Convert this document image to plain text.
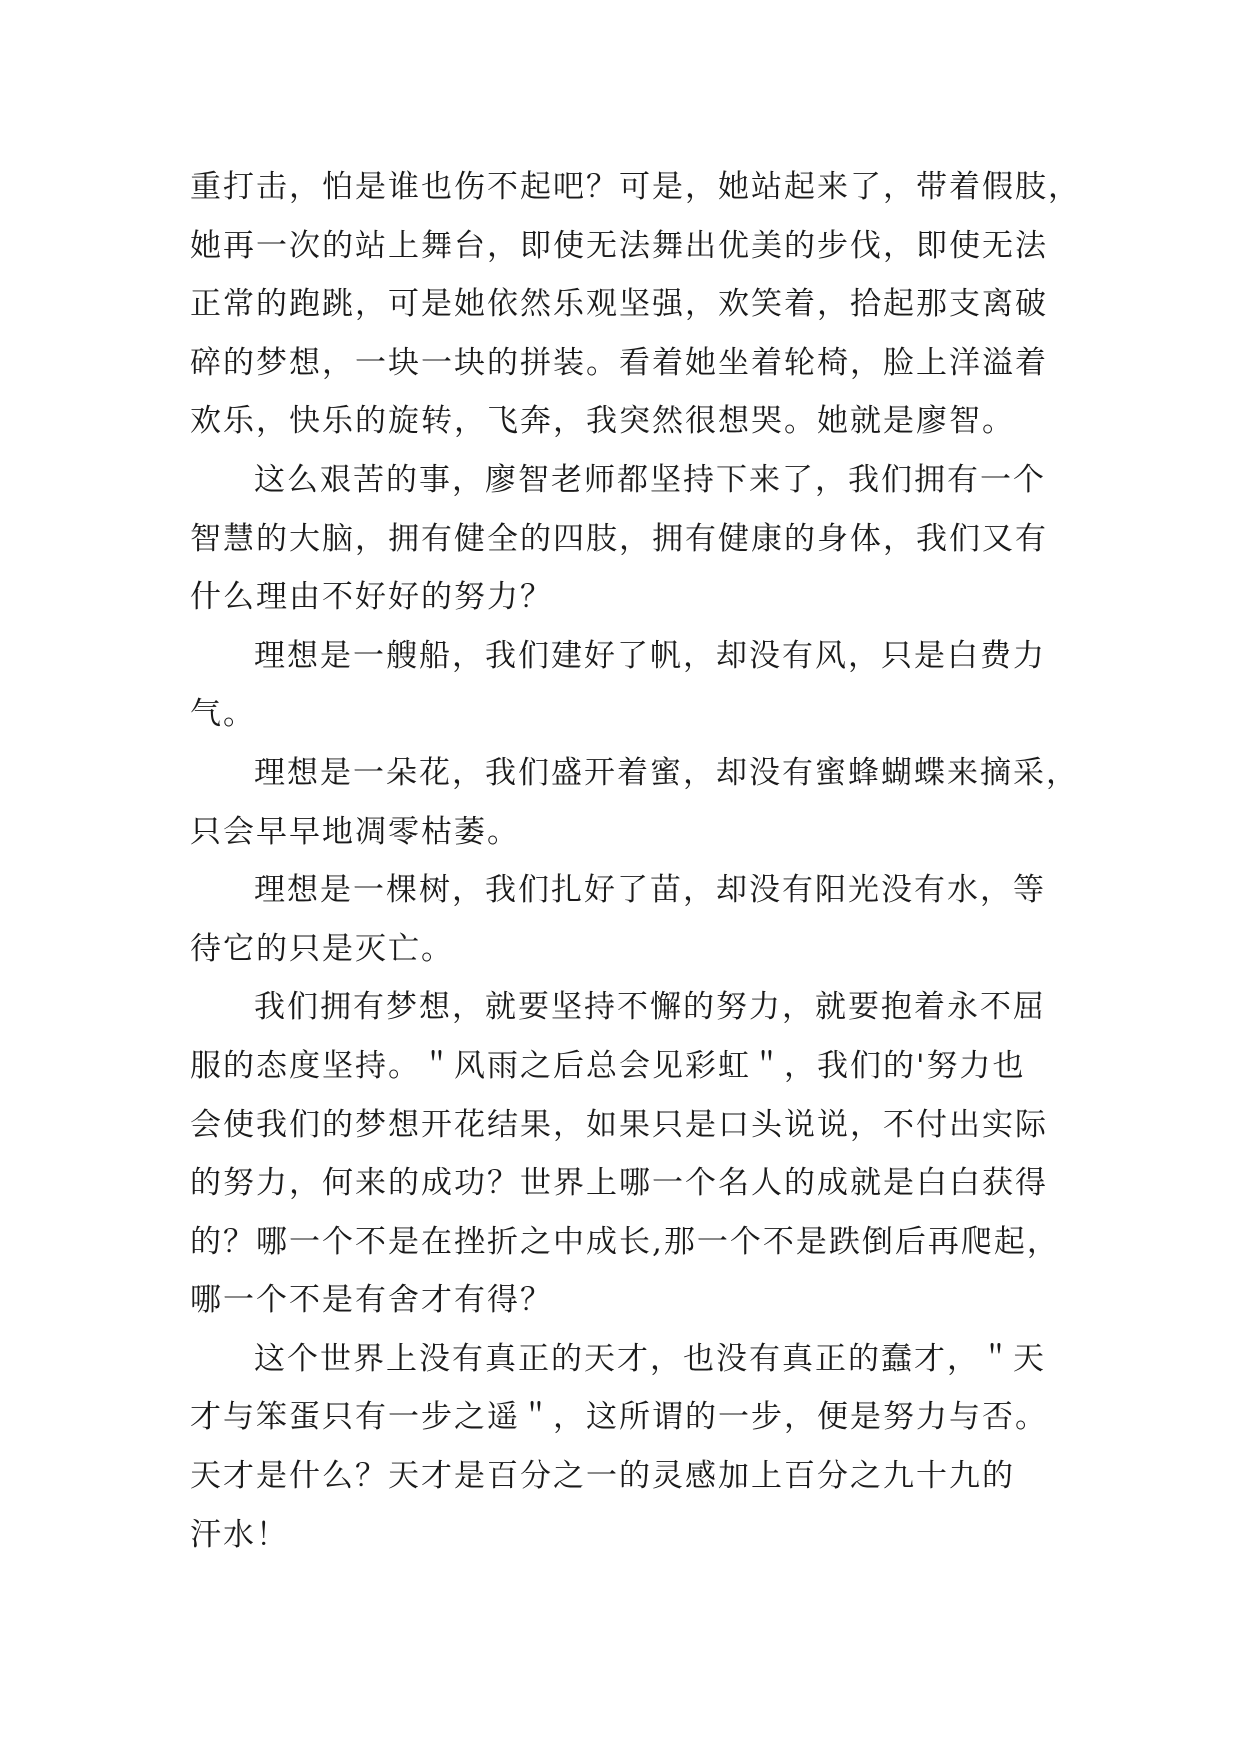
重打击，怕是谁也伤不起吧？可是，她站起来了，带着假肢，
她再一次的站上舞台，即使无法舞出优美的步伐，即使无法
正常的跑跳，可是她依然乐观坚强，欢笑着，拾起那支离破
碎的梦想，一块一块的拼装。看着她坐着轮椅，脸上洋溢着
欢乐，快乐的旋转，飞奔，我突然很想哭。她就是廖智。
这么艰苦的事，廖智老师都坚持下来了，我们拥有一个
智慧的大脑，拥有健全的四肢，拥有健康的身体，我们又有
什么理由不好好的努力？
理想是一艘船，我们建好了帆，却没有风，只是白费力
气。
理想是一朵花，我们盛开着蜜，却没有蜜蜂蝴蝶来摘采，
只会早早地凋零枯萎。
理想是一棵树，我们扎好了苗，却没有阳光没有水，等
待它的只是灭亡。
我们拥有梦想，就要坚持不懈的努力，就要抱着永不屈
服的态度坚持。＂风雨之后总会见彩虹＂，我们的'努力也
会使我们的梦想开花结果，如果只是口头说说，不付出实际
的努力，何来的成功？世界上哪一个名人的成就是白白获得
的？哪一个不是在挫折之中成长,那一个不是跌倒后再爬起，
哪一个不是有舍才有得？
这个世界上没有真正的天才，也没有真正的蠢才，＂天
才与笨蛋只有一步之遥＂，这所谓的一步，便是努力与否。
天才是什么？天才是百分之一的灵感加上百分之九十九的
汗水！
